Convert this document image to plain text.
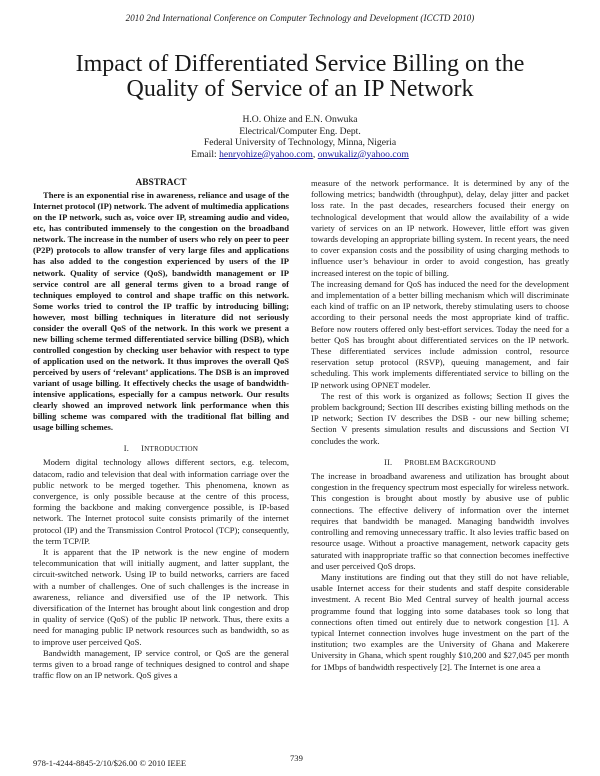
2010 2nd International Conference on Computer Technology and Development (ICCTD 2010)
Impact of Differentiated Service Billing on the
Quality of Service of an IP Network
H.O. Ohize and E.N. Onwuka
Electrical/Computer Eng. Dept.
Federal University of Technology, Minna, Nigeria
Email: henryohize@yahoo.com, onwukaliz@yahoo.com
ABSTRACT

There is an exponential rise in awareness, reliance and usage of the Internet protocol (IP) network. The advent of multimedia applications on the IP network, such as, voice over IP, streaming audio and video, etc, has contributed immensely to the congestion on the broadband network. The increase in the number of users who rely on peer to peer (P2P) protocols to allow transfer of very large files and applications has also added to the congestion experienced by users of the IP network. Quality of service (QoS), bandwidth management or IP service control are all general terms given to a broad range of techniques employed to control and shape traffic on this network. Some works tried to control the IP traffic by introducing billing; however, most billing techniques in literature did not seriously consider the overall QoS of the network. In this work we present a new billing scheme termed differentiated service billing (DSB), which controlled congestion by checking user behavior with respect to type of application used on the network. It thus improves the overall QoS perceived by users of ‘relevant’ applications. The DSB is an improved variant of usage billing. It effectively checks the usage of bandwidth-intensive applications, especially for a campus network. Our results clearly showed an improved network link performance when this billing scheme was compared with the traditional flat billing and usage billing schemes.

I. INTRODUCTION

Modern digital technology allows different sectors, e.g. telecom, datacom, radio and television that deal with information carriage over the public network to be merged together. This phenomena, known as convergence, is only possible because at the centre of this process, forming the backbone and making convergence possible, is IP-based network. The Internet protocol suite consists primarily of the internet protocol (IP) and the Transmission Control Protocol (TCP); consequently, the term TCP/IP.

It is apparent that the IP network is the new engine of modern telecommunication that will initially augment, and latter supplant, the circuit-switched network. Using IP to build networks, carriers are faced with a number of challenges. One of such challenges is the increase in awareness, reliance and diversified use of the IP network. This diversification of the Internet has brought about link congestion and drop in quality of service (QoS) of the public IP network. Thus, there exits a need for managing public IP network resources such as bandwidth, so as to improve user perceived QoS.

Bandwidth management, IP service control, or QoS are the general terms given to a broad range of techniques designed to control and shape traffic flow on an IP network. QoS gives a

measure of the network performance. It is determined by any of the following metrics; bandwidth (throughput), delay, delay jitter and packet loss rate. In the past decades, researchers focused their energy on technological development that would allow the availability of a wide variety of services on an IP network. However, little effort was given towards developing an appropriate billing system. In recent years, the need to cover expansion costs and the possibility of using charging methods to influence user’s behaviour in order to avoid congestion, has greatly increased interest on the topic of billing.

The increasing demand for QoS has induced the need for the development and implementation of a better billing mechanism which will discriminate each kind of traffic on an IP network, thereby stimulating users to choose according to their personal needs the most appropriate kind of traffic. Before now routers offered only best-effort services. Today the need for a better QoS has brought about differentiated services on the IP network. These differentiated services include admission control, resource reservation setup protocol (RSVP), queuing management, and fair scheduling. This work implements differentiated service to billing on the IP network using OPNET modeler.

The rest of this work is organized as follows; Section II gives the problem background; Section III describes existing billing methods on the IP network; Section IV describes the DSB - our new billing scheme; Section V presents simulation results and discussions and Section VI concludes the work.

II. PROBLEM BACKGROUND

The increase in broadband awareness and utilization has brought about congestion in the frequency spectrum most especially for wireless network. This congestion is brought about mostly by abusive use of public connections. The effective delivery of information over the internet requires that bandwidth be managed. Managing bandwidth involves controlling and removing unnecessary traffic. It also levies traffic based on resource usage. Without a proactive management, network capacity gets saturated with inappropriate traffic so that connection becomes ineffective and user perceived QoS drops.

Many institutions are finding out that they still do not have reliable, usable Internet access for their students and staff despite considerable investment. A recent Bio Med Central survey of health journal access programme found that logging into some databases took so long that connections often timed out entirely due to network congestion [1]. A typical Internet connection involves huge investment on the part of the institution; two examples are the University of Ghana and Makerere University in Ghana, which spent roughly $10,200 and $27,045 per month for 1Mbps of bandwidth respectively [2]. The Internet is one area a

978-1-4244-8845-2/10/$26.00 © 2010 IEEE	739
